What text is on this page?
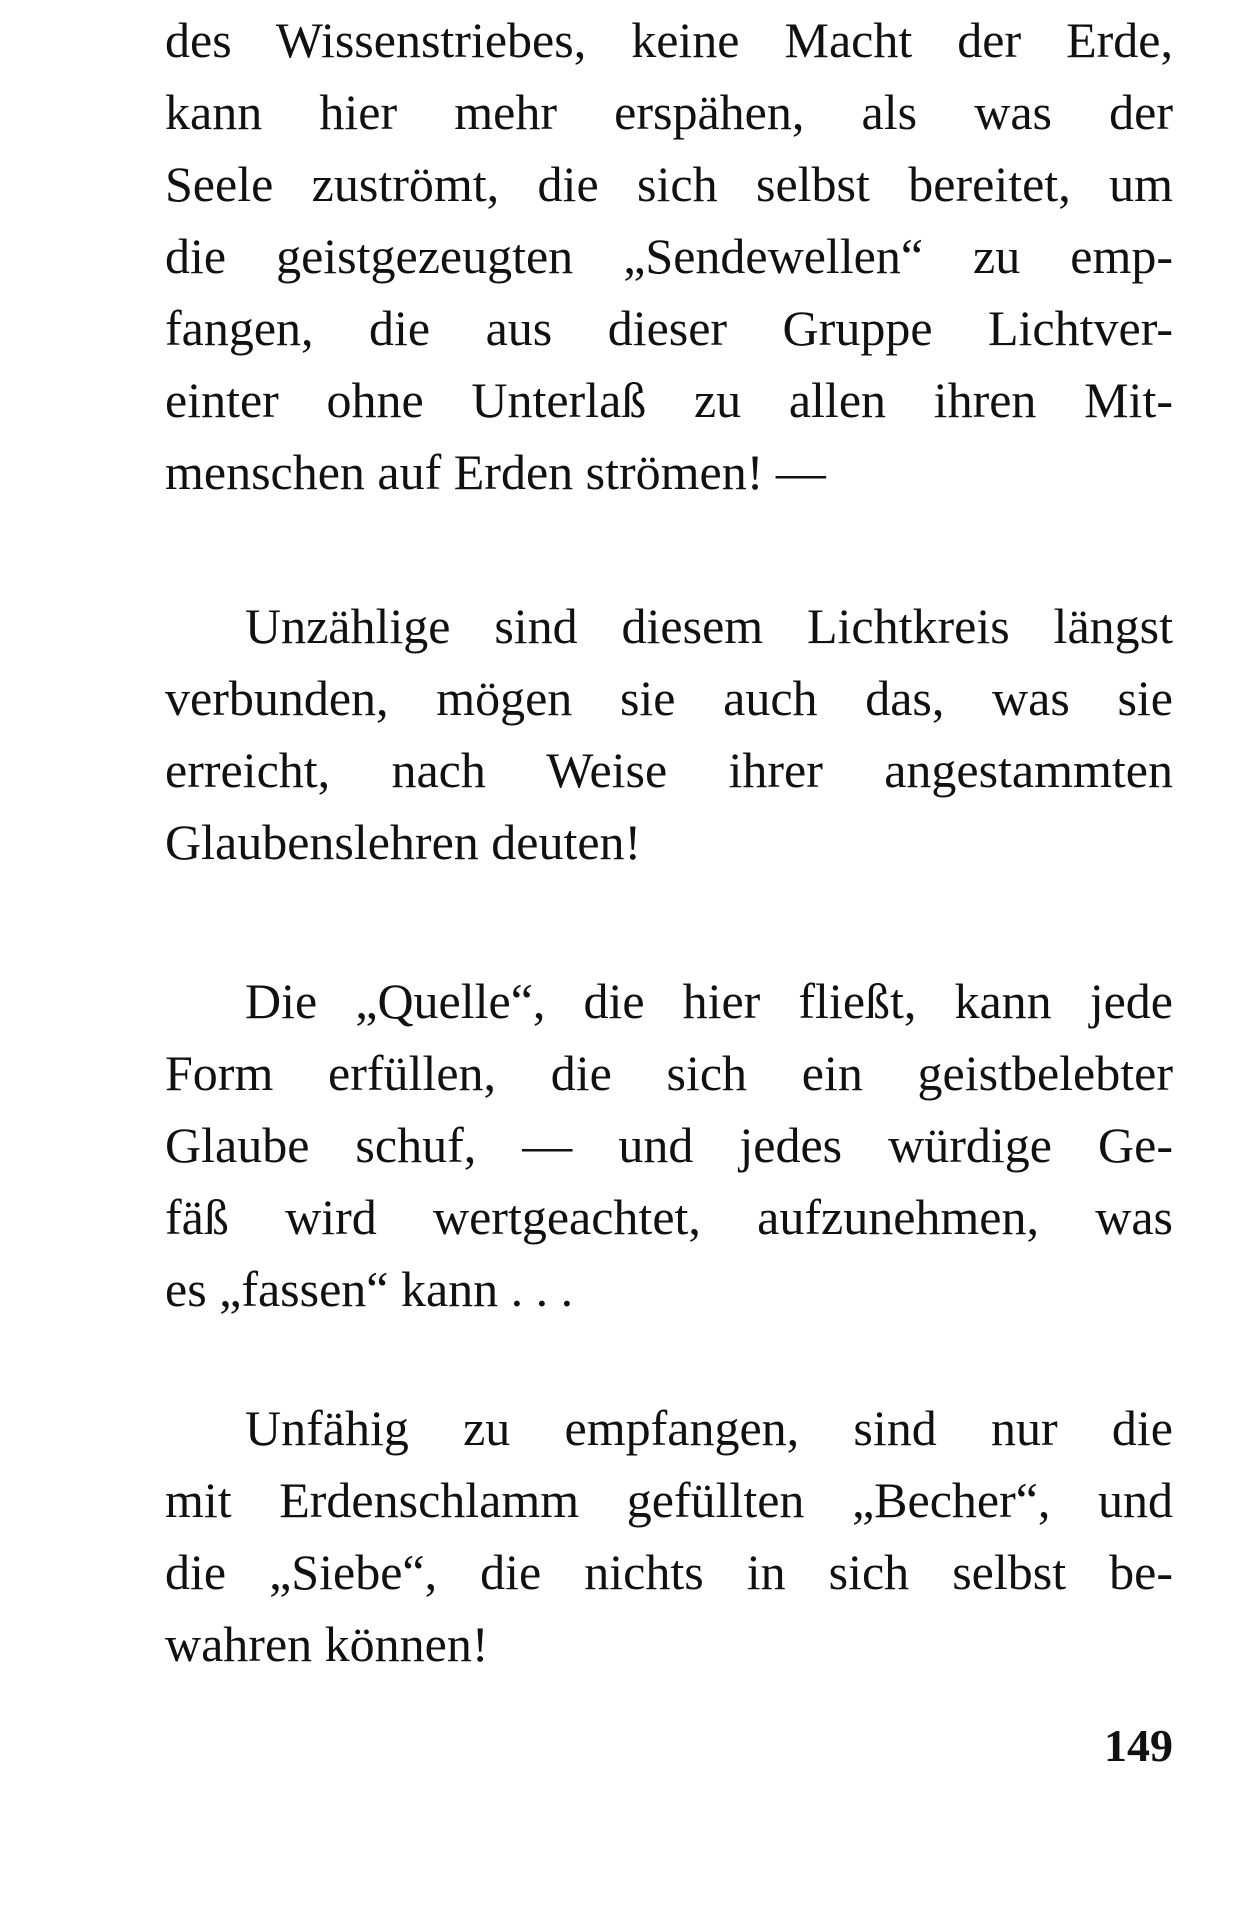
des Wissenstriebes, keine Macht der Erde,
kann hier mehr erspähen, als was der
Seele zuströmt, die sich selbst bereitet, um
die geistgezeugten „Sendewellen“ zu emp-
fangen, die aus dieser Gruppe Lichtver-
einter ohne Unterlaß zu allen ihren Mit-
menschen auf Erden strömen! —
Unzählige sind diesem Lichtkreis längst
verbunden, mögen sie auch das, was sie
erreicht, nach Weise ihrer angestammten
Glaubenslehren deuten!
Die „Quelle“, die hier fließt, kann jede
Form erfüllen, die sich ein geistbelebter
Glaube schuf, — und jedes würdige Ge-
fäß wird wertgeachtet, aufzunehmen, was
es „fassen“ kann . . .
Unfähig zu empfangen, sind nur die
mit Erdenschlamm gefüllten „Becher“, und
die „Siebe“, die nichts in sich selbst be-
wahren können!
149
